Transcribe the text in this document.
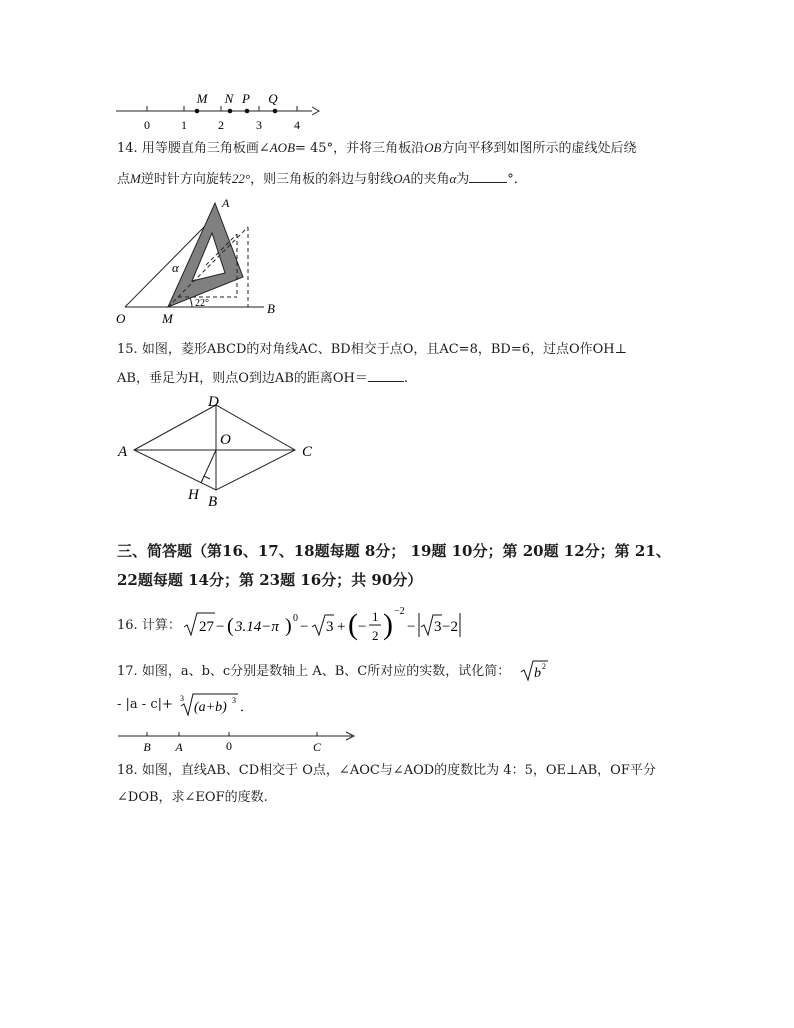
M N P Q
0	1	2	3	4
14. 用等腰直角三角板画∠AOB= 45°，并将三角板沿OB方向平移到如图所示的虚线处后绕
点M逆时针方向旋转22°，则三角板的斜边与射线OA的夹角α为	°．
A
α
22°
O	M
B
15. 如图，菱形ABCD的对角线AC、BD相交于点O，且AC=8，BD=6，过点O作OH⊥
AB，垂足为H，则点O到边AB的距离OH＝	.
D
A
O
C
H B
三、简答题（第16、17、18题每题 8分； 19题 10分；第 20题 12分；第 21、
22题每题 14分；第 23题 16分；共 90分）
16. 计算： 27 − ( 3.14−π ) 0
− 3 + ( −
1
2 ) −2
− 3 −2
17. 如图，a、b、c分别是数轴上 A、B、C所对应的实数，试化简： b 2
- |a - c|+ 3
(a+b) 3 ．
B A	0	C
18. 如图，直线AB、CD相交于 O点，∠AOC与∠AOD的度数比为 4：5，OE⊥AB，OF平分
∠DOB，求∠EOF的度数.
